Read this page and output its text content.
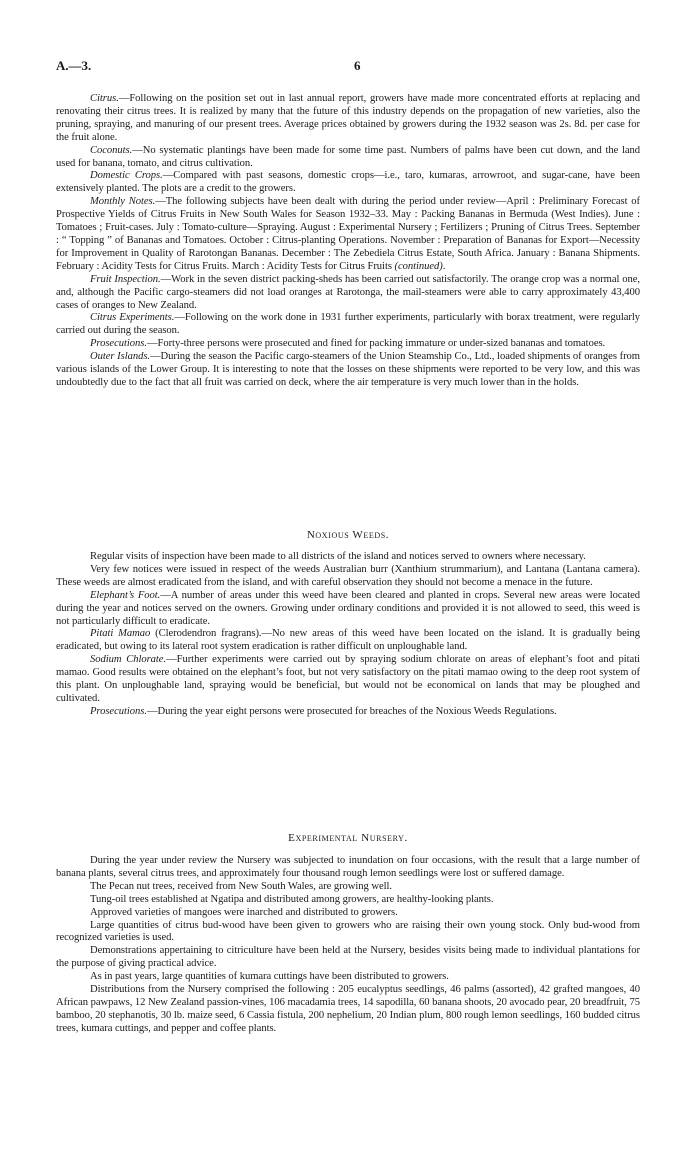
A.—3.	6

Citrus.—Following on the position set out in last annual report, growers have made more concentrated efforts at replacing and renovating their citrus trees. It is realized by many that the future of this industry depends on the propagation of new varieties, also the pruning, spraying, and manuring of our present trees. Average prices obtained by growers during the 1932 season was 2s. 8d. per case for the fruit alone.

Coconuts.—No systematic plantings have been made for some time past. Numbers of palms have been cut down, and the land used for banana, tomato, and citrus cultivation.

Domestic Crops.—Compared with past seasons, domestic crops—i.e., taro, kumaras, arrowroot, and sugar-cane, have been extensively planted. The plots are a credit to the growers.

Monthly Notes.—The following subjects have been dealt with during the period under review—April : Preliminary Forecast of Prospective Yields of Citrus Fruits in New South Wales for Season 1932–33. May : Packing Bananas in Bermuda (West Indies). June : Tomatoes ; Fruit-cases. July : Tomato-culture—Spraying. August : Experimental Nursery ; Fertilizers ; Pruning of Citrus Trees. September : “ Topping ” of Bananas and Tomatoes. October : Citrus-planting Operations. November : Preparation of Bananas for Export—Necessity for Improvement in Quality of Rarotongan Bananas. December : The Zebediela Citrus Estate, South Africa. January : Banana Shipments. February : Acidity Tests for Citrus Fruits. March : Acidity Tests for Citrus Fruits (continued).

Fruit Inspection.—Work in the seven district packing-sheds has been carried out satisfactorily. The orange crop was a normal one, and, although the Pacific cargo-steamers did not load oranges at Rarotonga, the mail-steamers were able to carry approximately 43,400 cases of oranges to New Zealand.

Citrus Experiments.—Following on the work done in 1931 further experiments, particularly with borax treatment, were regularly carried out during the season.

Prosecutions.—Forty-three persons were prosecuted and fined for packing immature or under-sized bananas and tomatoes.

Outer Islands.—During the season the Pacific cargo-steamers of the Union Steamship Co., Ltd., loaded shipments of oranges from various islands of the Lower Group. It is interesting to note that the losses on these shipments were reported to be very low, and this was undoubtedly due to the fact that all fruit was carried on deck, where the air temperature is very much lower than in the holds.

Noxious Weeds.

Regular visits of inspection have been made to all districts of the island and notices served to owners where necessary.

Very few notices were issued in respect of the weeds Australian burr (Xanthium strummarium), and Lantana (Lantana camera). These weeds are almost eradicated from the island, and with careful observation they should not become a menace in the future.

Elephant’s Foot.—A number of areas under this weed have been cleared and planted in crops. Several new areas were located during the year and notices served on the owners. Growing under ordinary conditions and provided it is not allowed to seed, this weed is not particularly difficult to eradicate.

Pitati Mamao (Clerodendron fragrans).—No new areas of this weed have been located on the island. It is gradually being eradicated, but owing to its lateral root system eradication is rather difficult on unploughable land.

Sodium Chlorate.—Further experiments were carried out by spraying sodium chlorate on areas of elephant’s foot and pitati mamao. Good results were obtained on the elephant’s foot, but not very satisfactory on the pitati mamao owing to the deep root system of this plant. On unploughable land, spraying would be beneficial, but would not be economical on lands that may be ploughed and cultivated.

Prosecutions.—During the year eight persons were prosecuted for breaches of the Noxious Weeds Regulations.

Experimental Nursery.

During the year under review the Nursery was subjected to inundation on four occasions, with the result that a large number of banana plants, several citrus trees, and approximately four thousand rough lemon seedlings were lost or suffered damage.

The Pecan nut trees, received from New South Wales, are growing well.

Tung-oil trees established at Ngatipa and distributed among growers, are healthy-looking plants.

Approved varieties of mangoes were inarched and distributed to growers.

Large quantities of citrus bud-wood have been given to growers who are raising their own young stock. Only bud-wood from recognized varieties is used.

Demonstrations appertaining to citriculture have been held at the Nursery, besides visits being made to individual plantations for the purpose of giving practical advice.

As in past years, large quantities of kumara cuttings have been distributed to growers.

Distributions from the Nursery comprised the following : 205 eucalyptus seedlings, 46 palms (assorted), 42 grafted mangoes, 40 African pawpaws, 12 New Zealand passion-vines, 106 macadamia trees, 14 sapodilla, 60 banana shoots, 20 avocado pear, 20 breadfruit, 75 bamboo, 20 stephanotis, 30 lb. maize seed, 6 Cassia fistula, 200 nephelium, 20 Indian plum, 800 rough lemon seedlings, 160 budded citrus trees, kumara cuttings, and pepper and coffee plants.
